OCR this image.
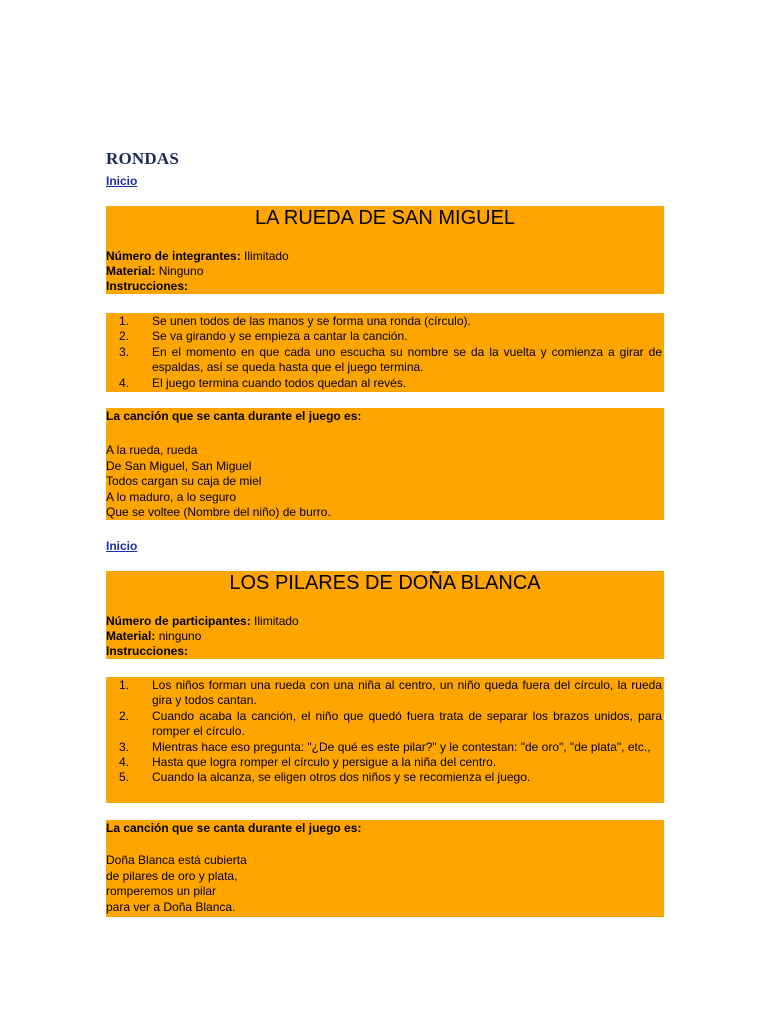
RONDAS
Inicio
LA RUEDA DE SAN MIGUEL
Número de integrantes: Ilimitado
Material: Ninguno
Instrucciones:
1.	Se unen todos de las manos y se forma una ronda (círculo).
2.	Se va girando y se empieza a cantar la canción.
3.	En el momento en que cada uno escucha su nombre se da la vuelta y comienza a girar de espaldas, así se queda hasta que el juego termina.
4.	El juego termina cuando todos quedan al revés.
La canción que se canta durante el juego es:
A la rueda, rueda
De San Miguel, San Miguel
Todos cargan su caja de miel
A lo maduro, a lo seguro
Que se voltee (Nombre del niño) de burro.
Inicio
LOS PILARES DE DOÑA BLANCA
Número de participantes: Ilimitado
Material: ninguno
Instrucciones:
1.	Los niños forman una rueda con una niña al centro, un niño queda fuera del círculo, la rueda gira y todos cantan.
2.	Cuando acaba la canción, el niño que quedó fuera trata de separar los brazos unidos, para romper el círculo.
3.	Mientras hace eso pregunta: "¿De qué es este pilar?" y le contestan: "de oro", "de plata", etc.,
4.	Hasta que logra romper el círculo y persigue a la niña del centro.
5.	Cuando la alcanza, se eligen otros dos niños y se recomienza el juego.
La canción que se canta durante el juego es:
Doña Blanca está cubierta
de pilares de oro y plata,
romperemos un pilar
para ver a Doña Blanca.
